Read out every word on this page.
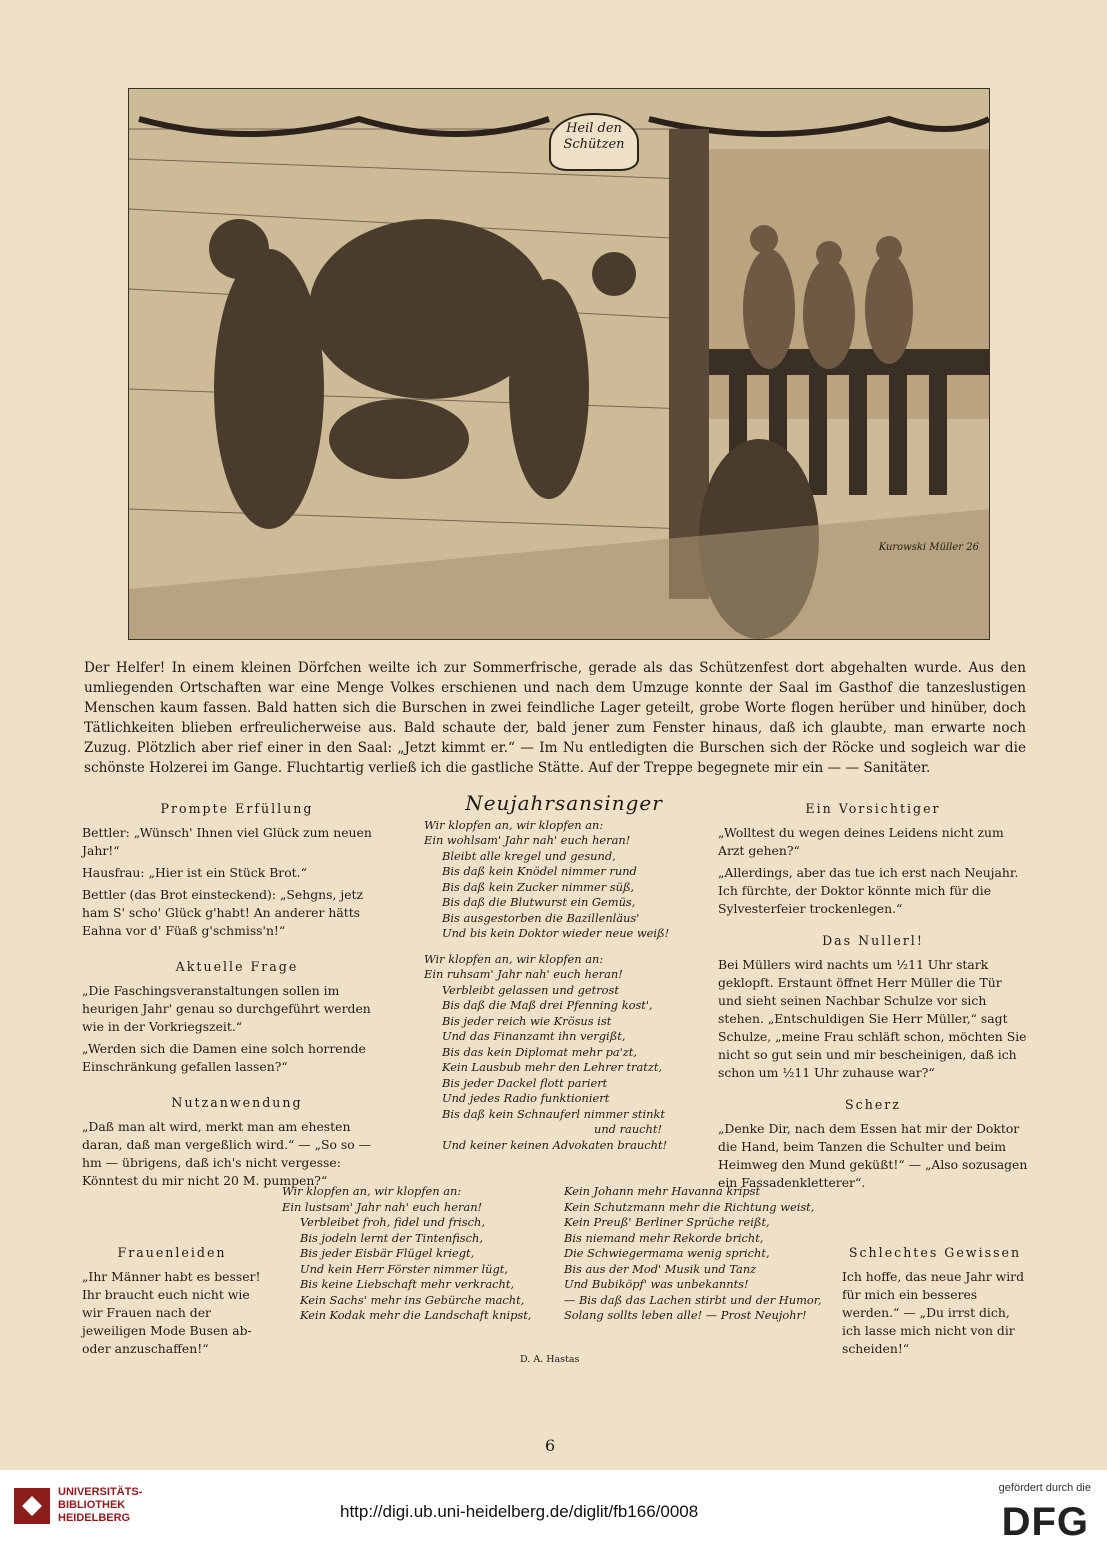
Heil den Schützen
Kurowski Müller 26
Der Helfer! In einem kleinen Dörfchen weilte ich zur Sommerfrische, gerade als das Schützenfest dort abgehalten wurde. Aus den umliegenden Ortschaften war eine Menge Volkes erschienen und nach dem Umzuge konnte der Saal im Gasthof die tanzeslustigen Menschen kaum fassen. Bald hatten sich die Burschen in zwei feindliche Lager geteilt, grobe Worte flogen herüber und hinüber, doch Tätlichkeiten blieben erfreulicherweise aus. Bald schaute der, bald jener zum Fenster hinaus, daß ich glaubte, man erwarte noch Zuzug. Plötzlich aber rief einer in den Saal: „Jetzt kimmt er.“ — Im Nu entledigten die Burschen sich der Röcke und sogleich war die schönste Holzerei im Gange. Fluchtartig verließ ich die gastliche Stätte. Auf der Treppe begegnete mir ein — — Sanitäter.
Prompte Erfüllung

Bettler: „Wünsch' Ihnen viel Glück zum neuen Jahr!“

Hausfrau: „Hier ist ein Stück Brot.“

Bettler (das Brot einsteckend): „Sehgns, jetz ham S' scho' Glück g'habt! An anderer hätts Eahna vor d' Füaß g'schmiss'n!“

Aktuelle Frage

„Die Faschingsveranstaltungen sollen im heurigen Jahr' genau so durchgeführt werden wie in der Vorkriegszeit.“

„Werden sich die Damen eine solch horrende Einschränkung gefallen lassen?“

Nutzanwendung

„Daß man alt wird, merkt man am ehesten daran, daß man vergeßlich wird.“ — „So so — hm — übrigens, daß ich's nicht vergesse: Könntest du mir nicht 20 M. pumpen?“

Frauenleiden

„Ihr Männer habt es besser! Ihr braucht euch nicht wie wir Frauen nach der jeweiligen Mode Busen ab- oder anzuschaffen!“

Neujahrsansinger
Wir klopfen an, wir klopfen an:
Ein wohlsam' Jahr nah' euch heran!
Bleibt alle kregel und gesund,
Bis daß kein Knödel nimmer rund
Bis daß kein Zucker nimmer süß,
Bis daß die Blutwurst ein Gemüs,
Bis ausgestorben die Bazillenläus'
Und bis kein Doktor wieder neue weiß!
Wir klopfen an, wir klopfen an:
Ein ruhsam' Jahr nah' euch heran!
Verbleibt gelassen und getrost
Bis daß die Maß drei Pfenning kost',
Bis jeder reich wie Krösus ist
Und das Finanzamt ihn vergißt,
Bis das kein Diplomat mehr pa'zt,
Kein Lausbub mehr den Lehrer tratzt,
Bis jeder Dackel flott pariert
Und jedes Radio funktioniert
Bis daß kein Schnauferl nimmer stinkt
und raucht!
Und keiner keinen Advokaten braucht!
Wir klopfen an, wir klopfen an:
Ein lustsam' Jahr nah' euch heran!
Verbleibet froh, fidel und frisch,
Bis jodeln lernt der Tintenfisch,
Bis jeder Eisbär Flügel kriegt,
Und kein Herr Förster nimmer lügt,
Bis keine Liebschaft mehr verkracht,
Kein Sachs' mehr ins Gebürche macht,
Kein Kodak mehr die Landschaft knipst,
Kein Johann mehr Havanna kripst
Kein Schutzmann mehr die Richtung weist,
Kein Preuß' Berliner Sprüche reißt,
Bis niemand mehr Rekorde bricht,
Die Schwiegermama wenig spricht,
Bis aus der Mod' Musik und Tanz
Und Bubiköpf' was unbekannts!
— Bis daß das Lachen stirbt und der Humor,
Solang sollts leben alle! — Prost Neujohr!
D. A. Hastas
Ein Vorsichtiger

„Wolltest du wegen deines Leidens nicht zum Arzt gehen?“

„Allerdings, aber das tue ich erst nach Neujahr. Ich fürchte, der Doktor könnte mich für die Sylvesterfeier trockenlegen.“

Das Nullerl!

Bei Müllers wird nachts um ½11 Uhr stark geklopft. Erstaunt öffnet Herr Müller die Tür und sieht seinen Nachbar Schulze vor sich stehen. „Entschuldigen Sie Herr Müller,“ sagt Schulze, „meine Frau schläft schon, möchten Sie nicht so gut sein und mir bescheinigen, daß ich schon um ½11 Uhr zuhause war?“

Scherz

„Denke Dir, nach dem Essen hat mir der Doktor die Hand, beim Tanzen die Schulter und beim Heimweg den Mund geküßt!“ — „Also sozusagen ein Fassadenkletterer“.

Schlechtes Gewissen

Ich hoffe, das neue Jahr wird für mich ein besseres werden.“ — „Du irrst dich, ich lasse mich nicht von dir scheiden!“

6
UNIVERSITÄTS-
BIBLIOTHEK
HEIDELBERG	http://digi.ub.uni-heidelberg.de/diglit/fb166/0008
gefördert durch die
DFG
